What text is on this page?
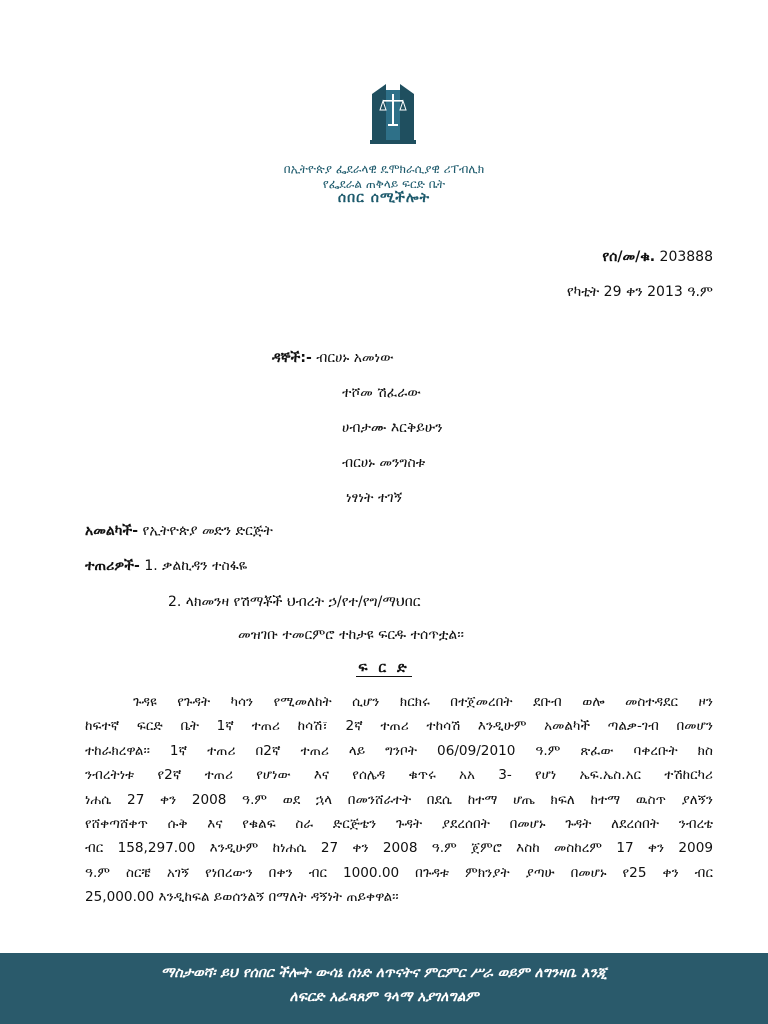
በኢትዮጵያ ፌደራላዊ ዴሞክራሲያዊ ሪፐብሊክ
የፌደራል ጠቅላይ ፍርድ ቤት
ሰበር ሰሚችሎት
የሰ/መ/ቁ. 203888
የካቲት 29 ቀን 2013 ዓ.ም
ዳኞች:- ብርሀኑ አመነው
ተሾመ ሽፈራው
ሀብታሙ እርቅይሁን
ብርሀኑ መንግስቱ
ነፃነት ተገኝ
አመልካች- የኢትዮጵያ መድን ድርጅት
ተጠሪዎች- 1. ቃልኪዳን ተስፋዬ
2. ላክመንዛ የሽማቾች ህብረት ኃ/የተ/የግ/ማህበር
መዝገቡ ተመርምሮ ተከታዩ ፍርዱ ተሰጥቷል፡፡
ፍ ር ድ
ጉዳዩ የጉዳት ካሳን የሚመለከት ሲሆን ክርክሩ በተጀመረበት ደቡብ ወሎ መስተዳደር ዞን
ከፍተኛ ፍርድ ቤት 1ኛ ተጠሪ ከሳሽ፣ 2ኛ ተጠሪ ተከሳሽ እንዲሁም አመልካች ጣልቃ-ገብ በመሆን
ተከራክረዋል፡፡ 1ኛ ተጠሪ በ2ኛ ተጠሪ ላይ ግንቦት 06/09/2010 ዓ.ም ጽፈው ባቀረቡት ክስ
ንብረትነቱ የ2ኛ ተጠሪ የሆነው እና የሰሌዳ ቁጥሩ አአ 3- የሆነ ኤፍ.ኤስ.አር ተሽከርካሪ
ነሐሴ 27 ቀን 2008 ዓ.ም ወደ ኋላ በመንሸራተት በደሴ ከተማ ሆጤ ክፍለ ከተማ ዉስጥ ያለኝን
የሸቀጣሸቀጥ ሱቅ እና የቁልፍ ስራ ድርጅቴን ጉዳት ያደረሰበት በመሆኑ ጉዳት ለደረሰበት ንብረቴ
ብር 158,297.00 እንዲሁም ከነሐሴ 27 ቀን 2008 ዓ.ም ጀምሮ እስከ መስከረም 17 ቀን 2009
ዓ.ም ስርቼ አገኝ የነበረውን በቀን ብር 1000.00 በጉዳቱ ምክንያት ያጣሁ በመሆኑ የ25 ቀን ብር
25,000.00 እንዲከፍል ይወሰንልኝ በማለት ዳኝነት ጠይቀዋል፡፡
ማስታወሻ፡ ይህ የሰበር ችሎት ውሳኔ ሰነድ ለጥናትና ምርምር ሥራ ወይም ለግንዛቤ እንጂ
ለፍርድ አፈጻጸም ዓላማ አያገለግልም
